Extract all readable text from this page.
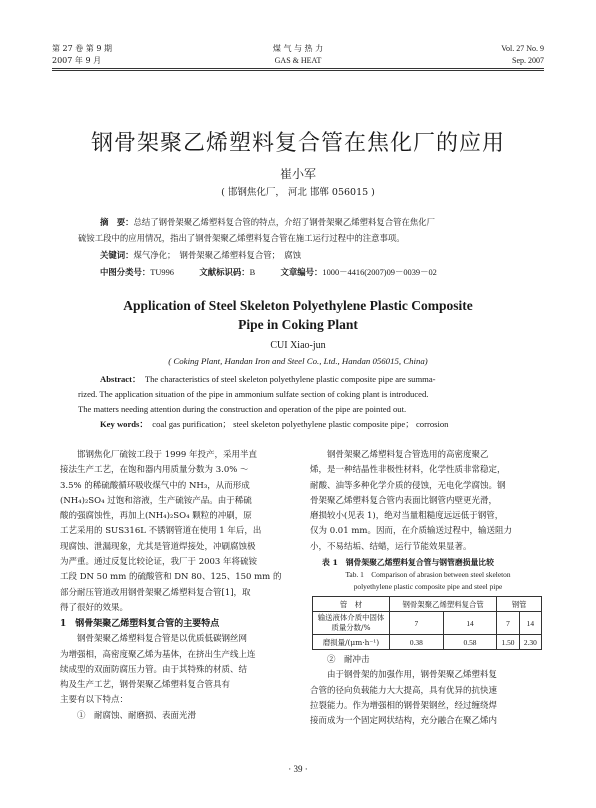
第 27 卷 第 9 期
2007 年 9 月
煤 气 与 热 力
GAS & HEAT
Vol. 27 No. 9
Sep. 2007
钢骨架聚乙烯塑料复合管在焦化厂的应用
崔小军
( 邯钢焦化厂， 河北 邯郸 056015 )
摘　要：总结了钢骨架聚乙烯塑料复合管的特点，介绍了钢骨架聚乙烯塑料复合管在焦化厂
硫铵工段中的应用情况，指出了钢骨架聚乙烯塑料复合管在施工运行过程中的注意事项。
关键词：煤气净化；　钢骨架聚乙烯塑料复合管；　腐蚀
中图分类号：TU996	文献标识码：B	文章编号：1000－4416(2007)09－0039－02
Application of Steel Skeleton Polyethylene Plastic Composite
Pipe in Coking Plant
CUI Xiao-jun
( Coking Plant, Handan Iron and Steel Co., Ltd., Handan 056015, China)
Abstract： The characteristics of steel skeleton polyethylene plastic composite pipe are summa-
rized. The application situation of the pipe in ammonium sulfate section of coking plant is introduced.
The matters needing attention during the construction and operation of the pipe are pointed out.
Key words： coal gas purification； steel skeleton polyethylene plastic composite pipe； corrosion
邯钢焦化厂硫铵工段于 1999 年投产，采用半直
接法生产工艺，在饱和器内用质量分数为 3.0% ～
3.5% 的稀硫酸循环吸收煤气中的 NH₃，从而形成
(NH₄)₂SO₄ 过饱和溶液，生产硫铵产品。由于稀硫
酸的强腐蚀性，再加上(NH₄)₂SO₄ 颗粒的冲刷，原
工艺采用的 SUS316L 不锈钢管道在使用 1 年后，出
现腐蚀、泄漏现象，尤其是管道焊接处，冲刷腐蚀极
为严重。通过反复比较论证，我厂于 2003 年将硫铵
工段 DN 50 mm 的硫酸管和 DN 80、125、150 mm 的
部分耐压管道改用钢骨架聚乙烯塑料复合管[1]，取
得了很好的效果。
1　钢骨架聚乙烯塑料复合管的主要特点
钢骨架聚乙烯塑料复合管是以优质低碳钢丝网
为增强相，高密度聚乙烯为基体，在挤出生产线上连
续成型的双面防腐压力管。由于其特殊的材质、结
构及生产工艺，钢骨架聚乙烯塑料复合管具有
主要有以下特点：
①　耐腐蚀、耐磨损、表面光滑
钢骨架聚乙烯塑料复合管选用的高密度聚乙
烯，是一种结晶性非极性材料，化学性质非常稳定，
耐酸、油等多种化学介质的侵蚀，无电化学腐蚀。钢
骨架聚乙烯塑料复合管内表面比钢管内壁更光滑，
磨损较小(见表 1)，绝对当量粗糙度远远低于钢管，
仅为 0.01 mm。因而，在介质输送过程中，输送阻力
小，不易结垢、结蜡，运行节能效果显著。
表 1　钢骨架聚乙烯塑料复合管与钢管磨损量比较
Tab. 1　Comparison of abrasion between steel skeleton
polyethylene plastic composite pipe and steel pipe
管　材	钢骨架聚乙烯塑料复合管		钢管	

输送液体介质中固体
质量分数/%	7	14	7	14
磨损量/(μm·h⁻¹)	0.38	0.58	1.50	2.30
②　耐冲击
由于钢骨架的加强作用，钢骨架聚乙烯塑料复
合管的径向负载能力大大提高，具有优异的抗快速
拉裂能力。作为增强相的钢骨架钢丝，经过缠绕焊
接而成为一个固定网状结构，充分融合在聚乙烯内
· 39 ·
